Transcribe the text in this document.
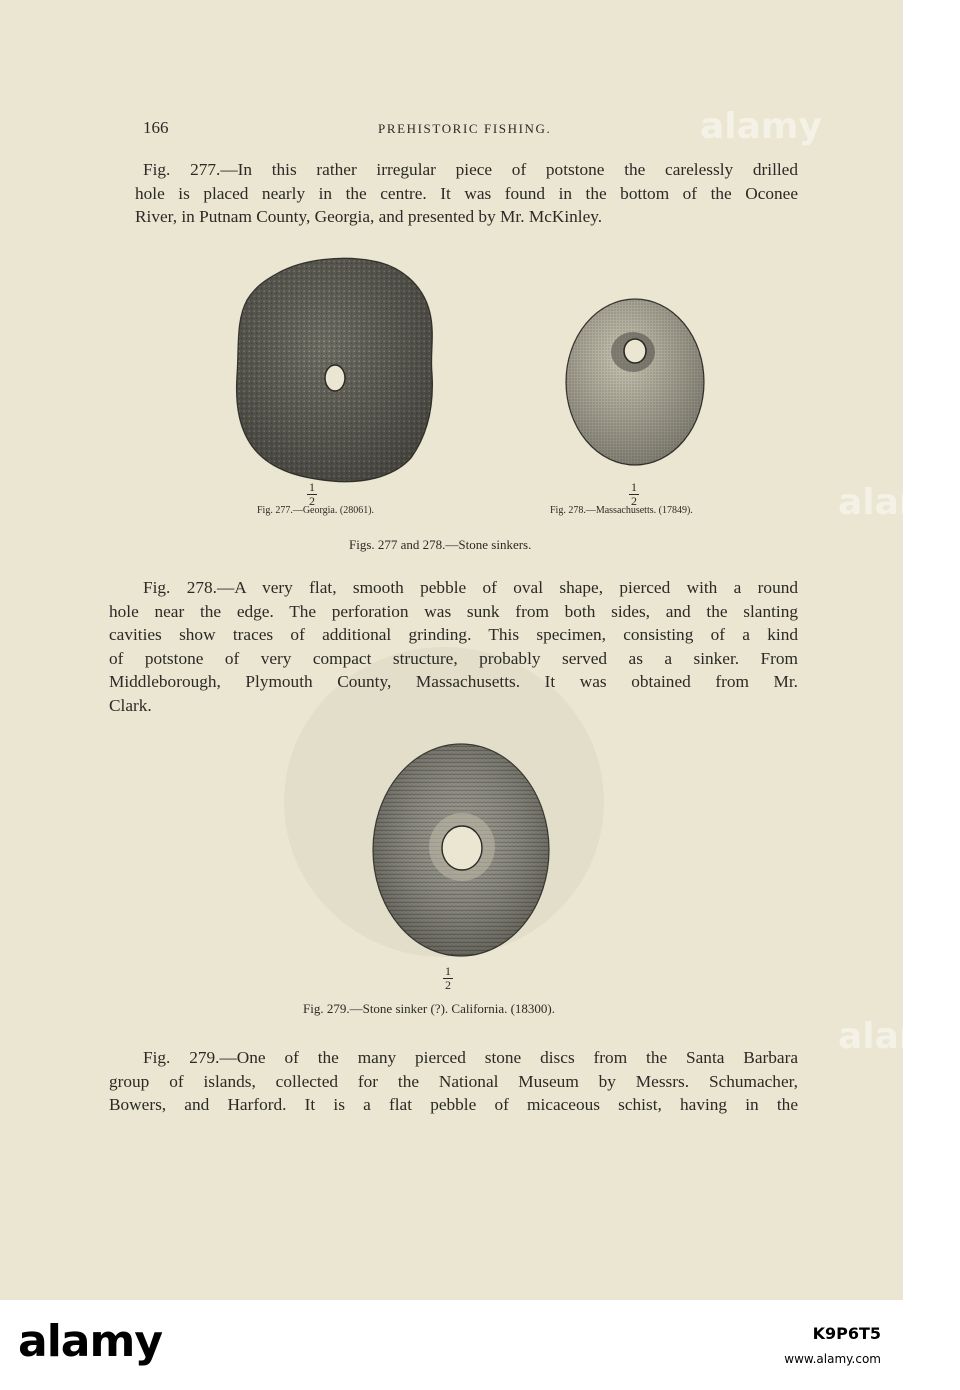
166	PREHISTORIC FISHING.

Fig. 277.—In this rather irregular piece of potstone the carelessly drilled
hole is placed nearly in the centre. It was found in the bottom of the Oconee
River, in Putnam County, Georgia, and presented by Mr. McKinley.

1
2
Fig. 277.—Georgia. (28061).
1
2
Fig. 278.—Massachusetts. (17849).
Figs. 277 and 278.—Stone sinkers.

Fig. 278.—A very flat, smooth pebble of oval shape, pierced with a round
hole near the edge. The perforation was sunk from both sides, and the slanting
cavities show traces of additional grinding. This specimen, consisting of a kind
of potstone of very compact structure, probably served as a sinker. From
Middleborough, Plymouth County, Massachusetts. It was obtained from Mr.
Clark.

1
2
Fig. 279.—Stone sinker (?). California. (18300).

Fig. 279.—One of the many pierced stone discs from the Santa Barbara
group of islands, collected for the National Museum by Messrs. Schumacher,
Bowers, and Harford. It is a flat pebble of micaceous schist, having in the

alamy
alamy
alamy
alamy	K9P6T5
www.alamy.com
